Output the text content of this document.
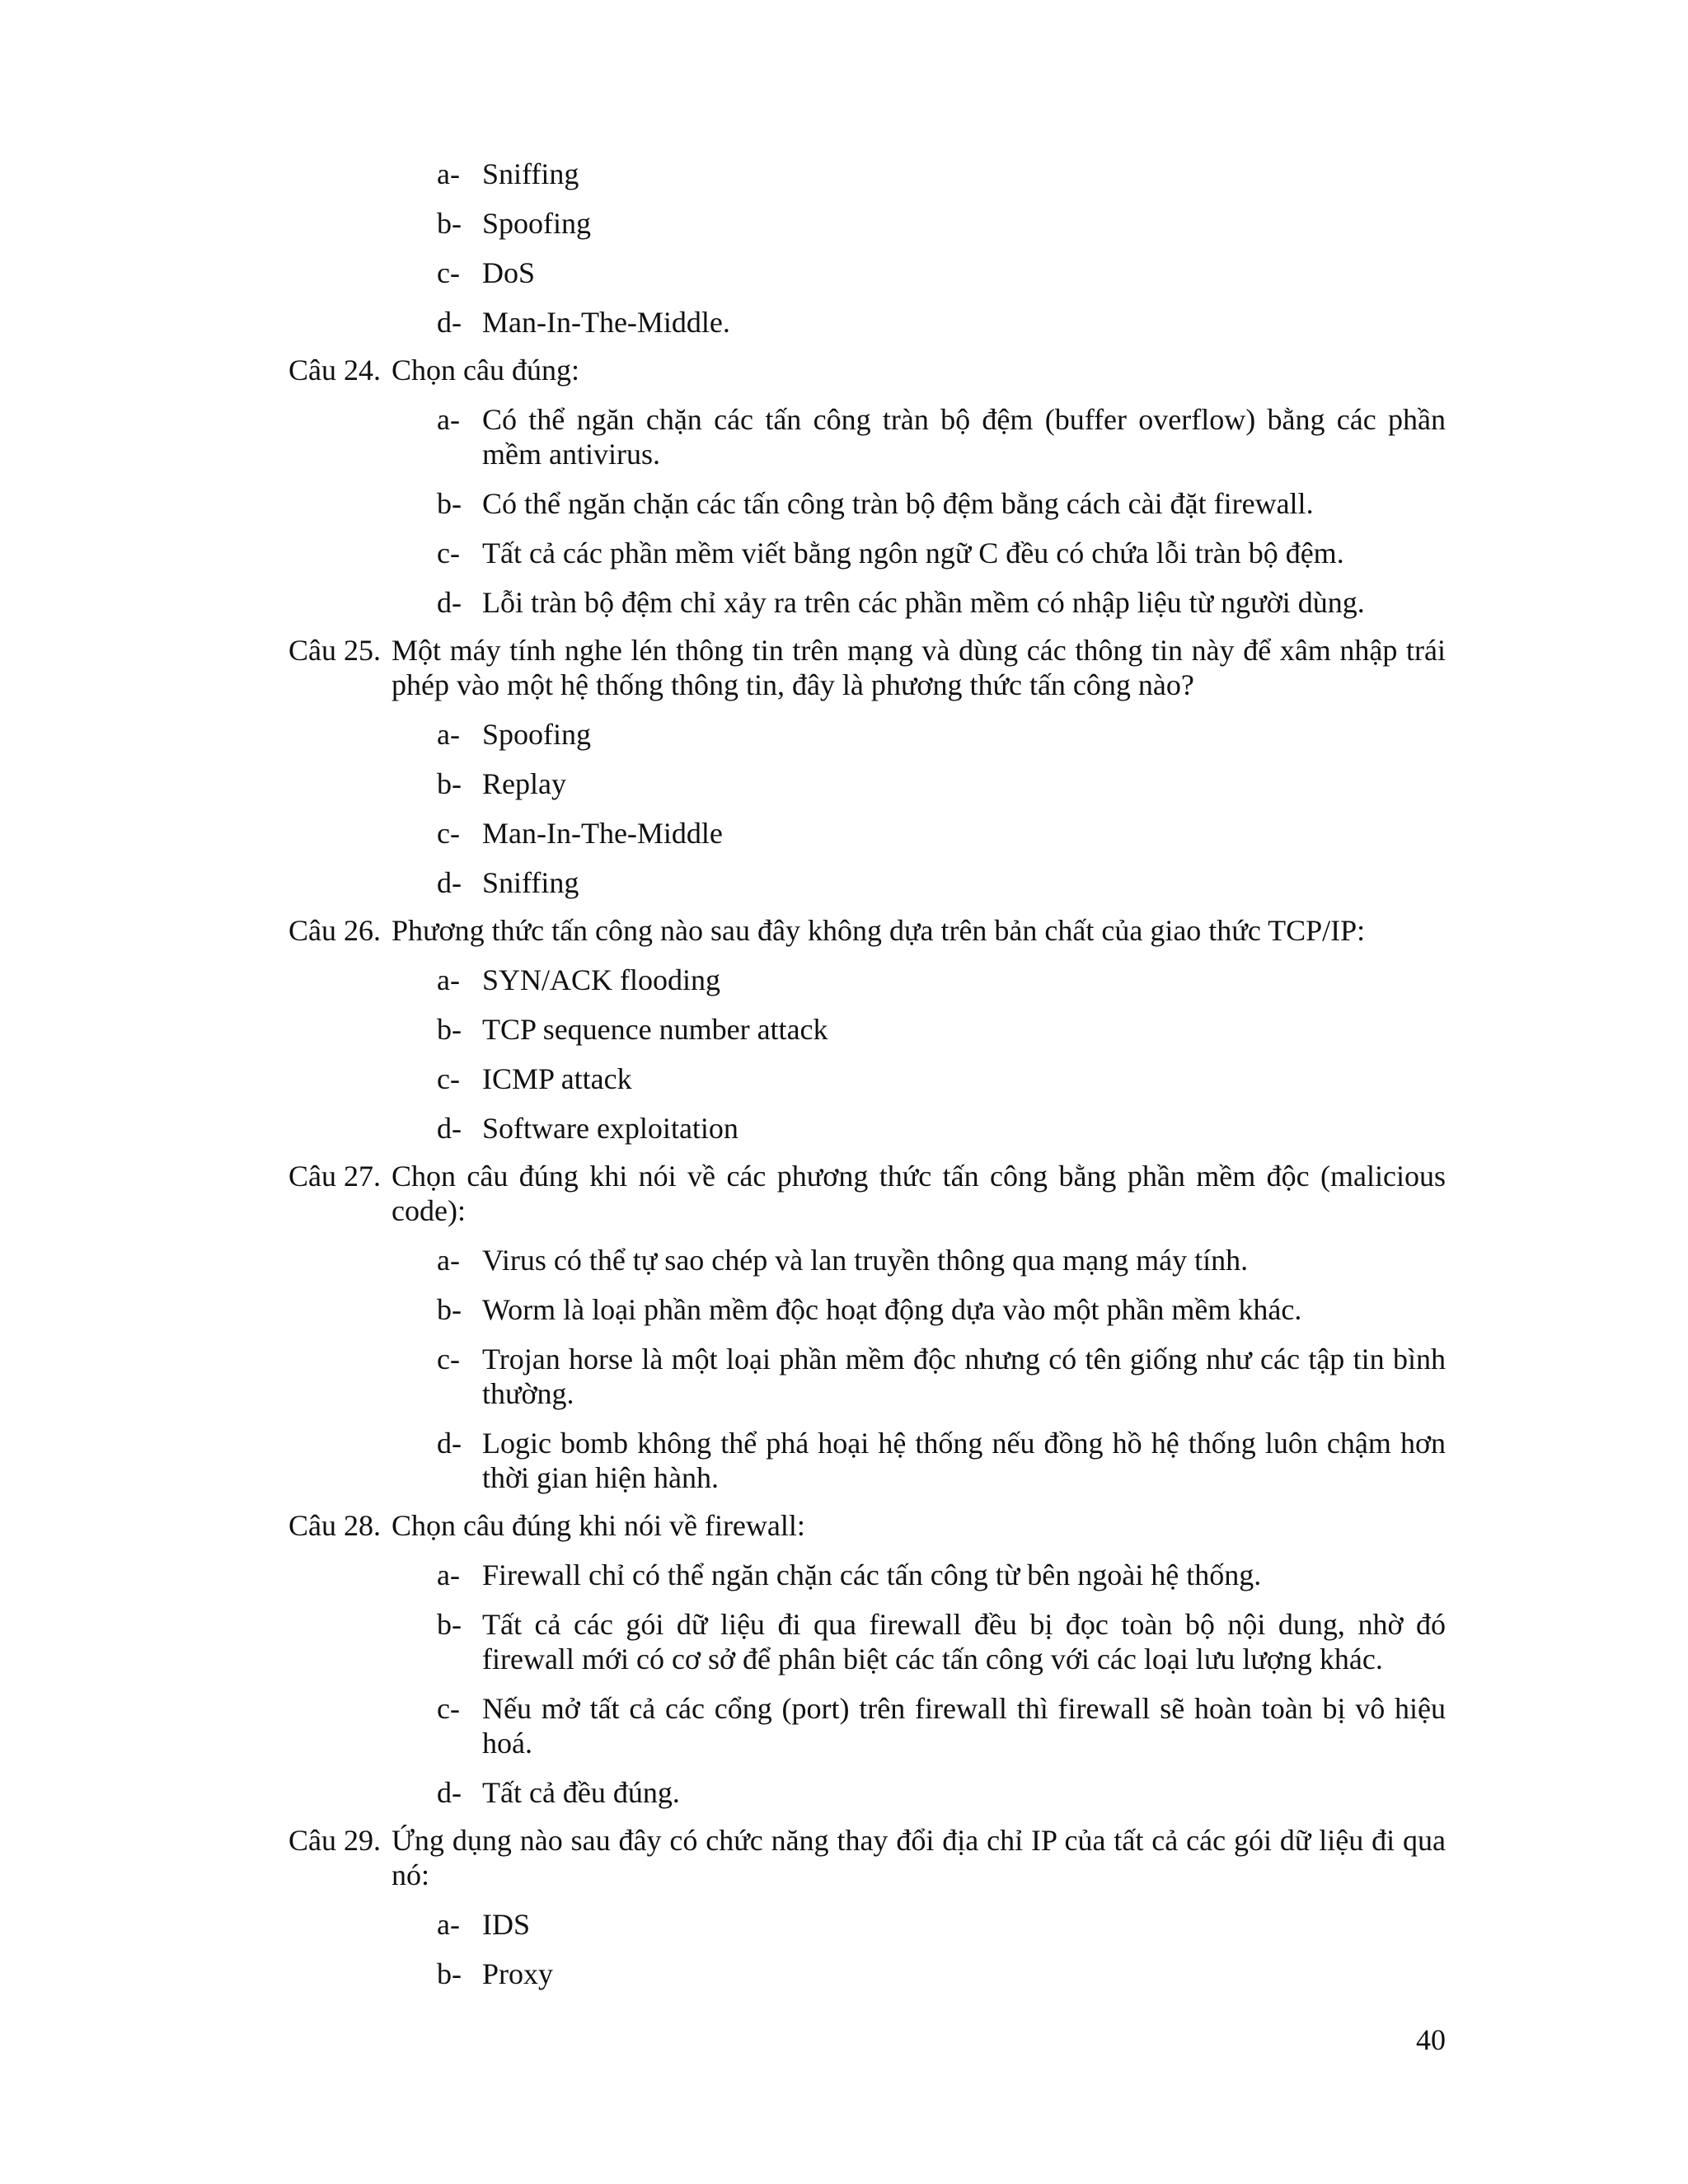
a- Sniffing
b- Spoofing
c- DoS
d- Man-In-The-Middle.
Câu 24. Chọn câu đúng:
a- Có thể ngăn chặn các tấn công tràn bộ đệm (buffer overflow) bằng các phần mềm antivirus.
b- Có thể ngăn chặn các tấn công tràn bộ đệm bằng cách cài đặt firewall.
c- Tất cả các phần mềm viết bằng ngôn ngữ C đều có chứa lỗi tràn bộ đệm.
d- Lỗi tràn bộ đệm chỉ xảy ra trên các phần mềm có nhập liệu từ người dùng.
Câu 25. Một máy tính nghe lén thông tin trên mạng và dùng các thông tin này để xâm nhập trái phép vào một hệ thống thông tin, đây là phương thức tấn công nào?
a- Spoofing
b- Replay
c- Man-In-The-Middle
d- Sniffing
Câu 26. Phương thức tấn công nào sau đây không dựa trên bản chất của giao thức TCP/IP:
a- SYN/ACK flooding
b- TCP sequence number attack
c- ICMP attack
d- Software exploitation
Câu 27. Chọn câu đúng khi nói về các phương thức tấn công bằng phần mềm độc (malicious code):
a- Virus có thể tự sao chép và lan truyền thông qua mạng máy tính.
b- Worm là loại phần mềm độc hoạt động dựa vào một phần mềm khác.
c- Trojan horse là một loại phần mềm độc nhưng có tên giống như các tập tin bình thường.
d- Logic bomb không thể phá hoại hệ thống nếu đồng hồ hệ thống luôn chậm hơn thời gian hiện hành.
Câu 28. Chọn câu đúng khi nói về firewall:
a- Firewall chỉ có thể ngăn chặn các tấn công từ bên ngoài hệ thống.
b- Tất cả các gói dữ liệu đi qua firewall đều bị đọc toàn bộ nội dung, nhờ đó firewall mới có cơ sở để phân biệt các tấn công với các loại lưu lượng khác.
c- Nếu mở tất cả các cổng (port) trên firewall thì firewall sẽ hoàn toàn bị vô hiệu hoá.
d- Tất cả đều đúng.
Câu 29. Ứng dụng nào sau đây có chức năng thay đổi địa chỉ IP của tất cả các gói dữ liệu đi qua nó:
a- IDS
b- Proxy
40
